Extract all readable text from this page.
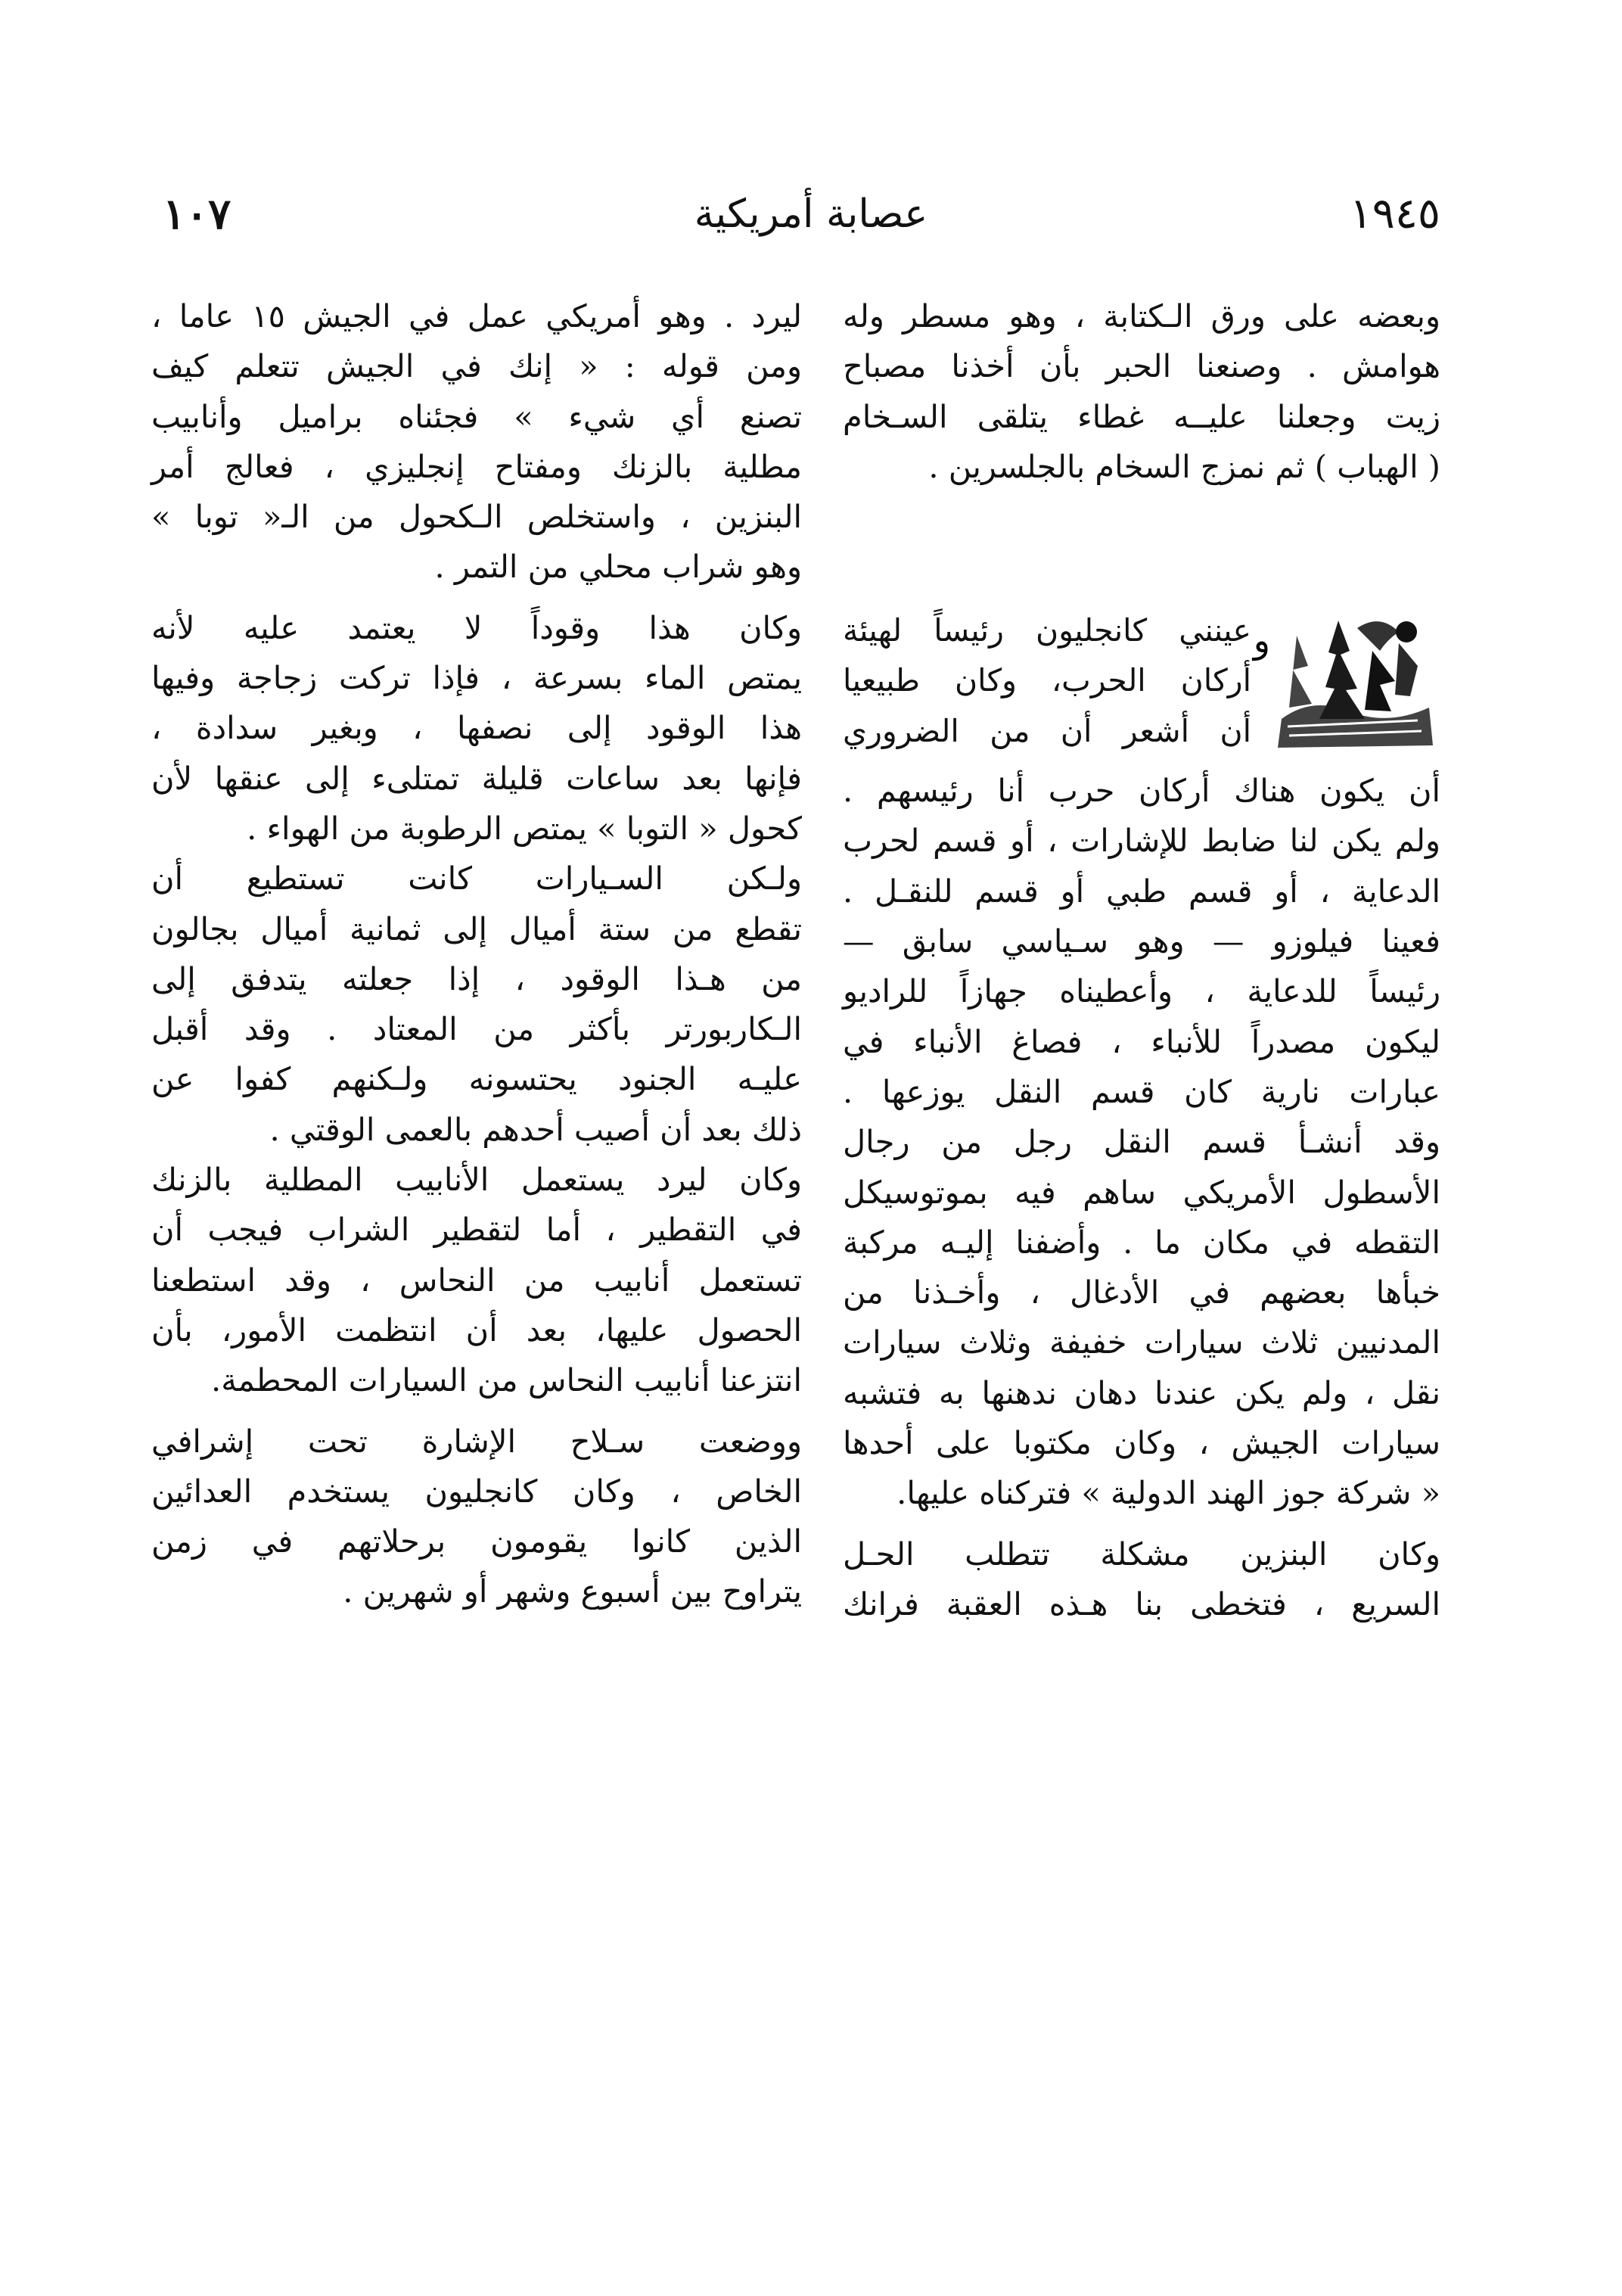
١٩٤٥
عصابة أمريكية
١٠٧
وبعضه على ورق الـكتابة ، وهو مسطر وله
هوامش . وصنعنا الحبر بأن أخذنا مصباح
زيت وجعلنا عليــه غطاء يتلقى السـخام
( الهباب ) ثم نمزج السخام بالجلسرين .
و
عينني كانجليون رئيساً لهيئة
أركان الحرب، وكان طبيعيا
أن أشعر أن من الضروري
أن يكون هناك أركان حرب أنا رئيسهم .
ولم يكن لنا ضابط للإشارات ، أو قسم لحرب
الدعاية ، أو قسم طبي أو قسم للنقـل .
فعينا فيلوزو — وهو سـياسي سابق —
رئيساً للدعاية ، وأعطيناه جهازاً للراديو
ليكون مصدراً للأنباء ، فصاغ الأنباء في
عبارات نارية كان قسم النقل يوزعها .
وقد أنشـأ قسم النقل رجل من رجال
الأسطول الأمريكي ساهم فيه بموتوسيكل
التقطه في مكان ما . وأضفنا إليـه مركبة
خبأها بعضهم في الأدغال ، وأخـذنا من
المدنيين ثلاث سيارات خفيفة وثلاث سيارات
نقل ، ولم يكن عندنا دهان ندهنها به فتشبه
سيارات الجيش ، وكان مكتوبا على أحدها
« شركة جوز الهند الدولية » فتركناه عليها.
وكان البنزين مشكلة تتطلب الحـل
السريع ، فتخطى بنا هـذه العقبة فرانك
ليرد . وهو أمريكي عمل في الجيش ١٥ عاما ،
ومن قوله : « إنك في الجيش تتعلم كيف
تصنع أي شيء » فجئناه براميل وأنابيب
مطلية بالزنك ومفتاح إنجليزي ، فعالج أمر
البنزين ، واستخلص الـكحول من الـ« توبا »
وهو شراب محلي من التمر .
وكان هذا وقوداً لا يعتمد عليه لأنه
يمتص الماء بسرعة ، فإذا تركت زجاجة وفيها
هذا الوقود إلى نصفها ، وبغير سدادة ،
فإنها بعد ساعات قليلة تمتلىء إلى عنقها لأن
كحول « التوبا » يمتص الرطوبة من الهواء .
ولـكن السـيارات كانت تستطيع أن
تقطع من ستة أميال إلى ثمانية أميال بجالون
من هـذا الوقود ، إذا جعلته يتدفق إلى
الـكاربورتر بأكثر من المعتاد . وقد أقبل
عليـه الجنود يحتسونه ولـكنهم كفوا عن
ذلك بعد أن أصيب أحدهم بالعمى الوقتي .
وكان ليرد يستعمل الأنابيب المطلية بالزنك
في التقطير ، أما لتقطير الشراب فيجب أن
تستعمل أنابيب من النحاس ، وقد استطعنا
الحصول عليها، بعد أن انتظمت الأمور، بأن
انتزعنا أنابيب النحاس من السيارات المحطمة.
ووضعت سـلاح الإشارة تحت إشرافي
الخاص ، وكان كانجليون يستخدم العدائين
الذين كانوا يقومون برحلاتهم في زمن
يتراوح بين أسبوع وشهر أو شهرين .
